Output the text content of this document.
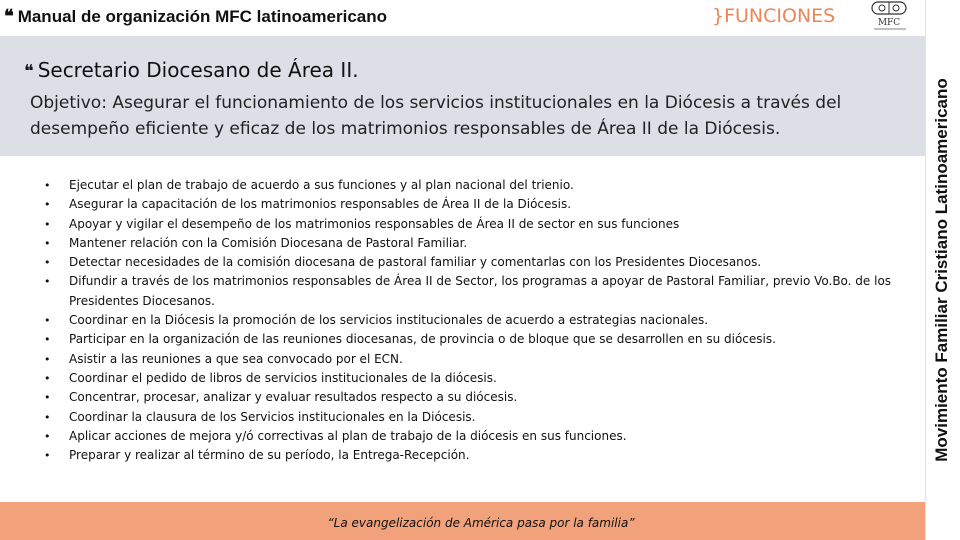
❝ Manual de organización MFC latinoamericano	}FUNCIONES	MFC
❝ Secretario Diocesano de Área II.
Objetivo: Asegurar el funcionamiento de los servicios institucionales en la Diócesis a través del desempeño eficiente y eficaz de los matrimonios responsables de Área II de la Diócesis.
• Ejecutar el plan de trabajo de acuerdo a sus funciones y al plan nacional del trienio.
• Asegurar la capacitación de los matrimonios responsables de Área II de la Diócesis.
• Apoyar y vigilar el desempeño de los matrimonios responsables de Área II de sector en sus funciones
• Mantener relación con la Comisión Diocesana de Pastoral Familiar.
• Detectar necesidades de la comisión diocesana de pastoral familiar y comentarlas con los Presidentes Diocesanos.
• Difundir a través de los matrimonios responsables de Área II de Sector, los programas a apoyar de Pastoral Familiar, previo Vo.Bo. de los Presidentes Diocesanos.
• Coordinar en la Diócesis la promoción de los servicios institucionales de acuerdo a estrategias nacionales.
• Participar en la organización de las reuniones diocesanas, de provincia o de bloque que se desarrollen en su diócesis.
• Asistir a las reuniones a que sea convocado por el ECN.
• Coordinar el pedido de libros de servicios institucionales de la diócesis.
• Concentrar, procesar, analizar y evaluar resultados respecto a su diócesis.
• Coordinar la clausura de los Servicios institucionales en la Diócesis.
• Aplicar acciones de mejora y/ó correctivas al plan de trabajo de la diócesis en sus funciones.
• Preparar y realizar al término de su período, la Entrega-Recepción.
“La evangelización de América pasa por la familia”
Movimiento Familiar Cristiano Latinoamericano
